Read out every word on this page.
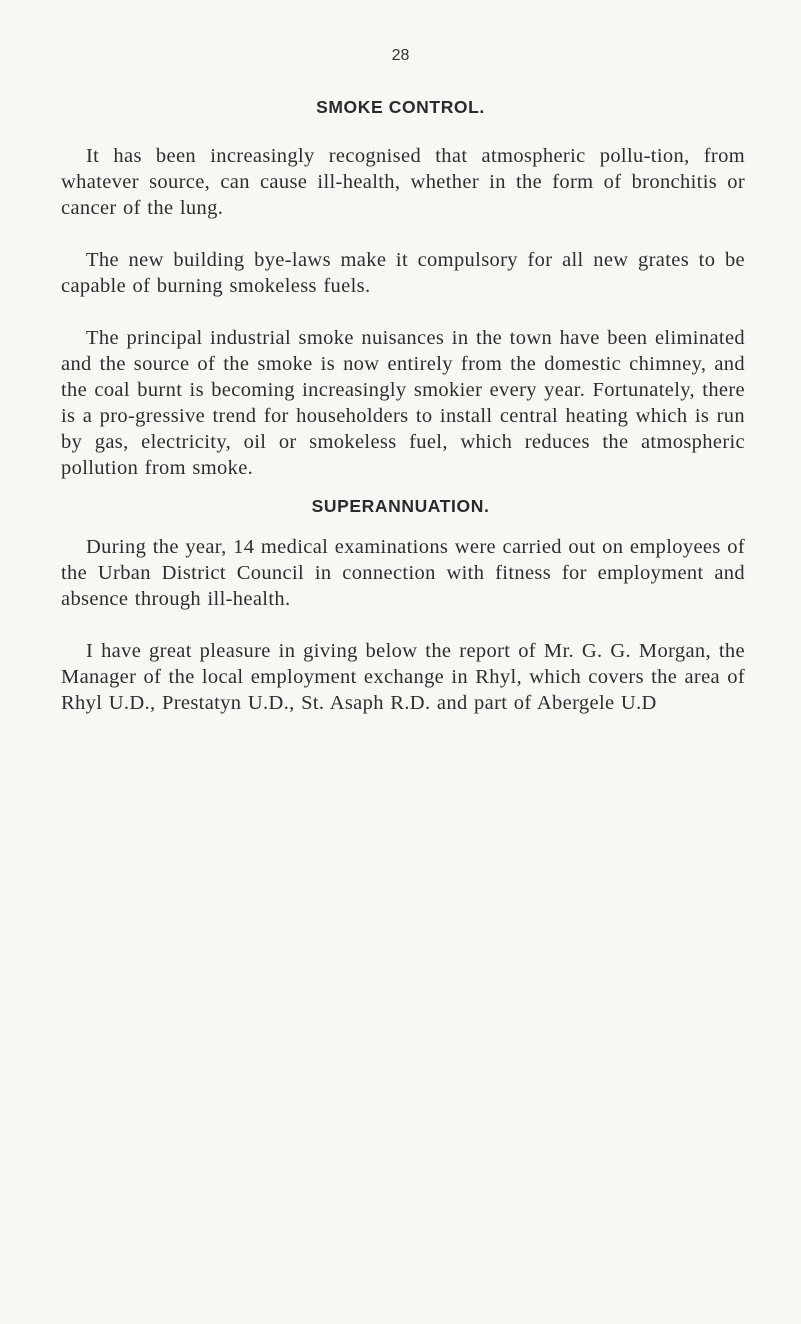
28
SMOKE CONTROL.

It has been increasingly recognised that atmospheric pollu-tion, from whatever source, can cause ill-health, whether in the form of bronchitis or cancer of the lung.

The new building bye-laws make it compulsory for all new grates to be capable of burning smokeless fuels.

The principal industrial smoke nuisances in the town have been eliminated and the source of the smoke is now entirely from the domestic chimney, and the coal burnt is becoming increasingly smokier every year. Fortunately, there is a pro-gressive trend for householders to install central heating which is run by gas, electricity, oil or smokeless fuel, which reduces the atmospheric pollution from smoke.

SUPERANNUATION.

During the year, 14 medical examinations were carried out on employees of the Urban District Council in connection with fitness for employment and absence through ill-health.

I have great pleasure in giving below the report of Mr. G. G. Morgan, the Manager of the local employment exchange in Rhyl, which covers the area of Rhyl U.D., Prestatyn U.D., St. Asaph R.D. and part of Abergele U.D
